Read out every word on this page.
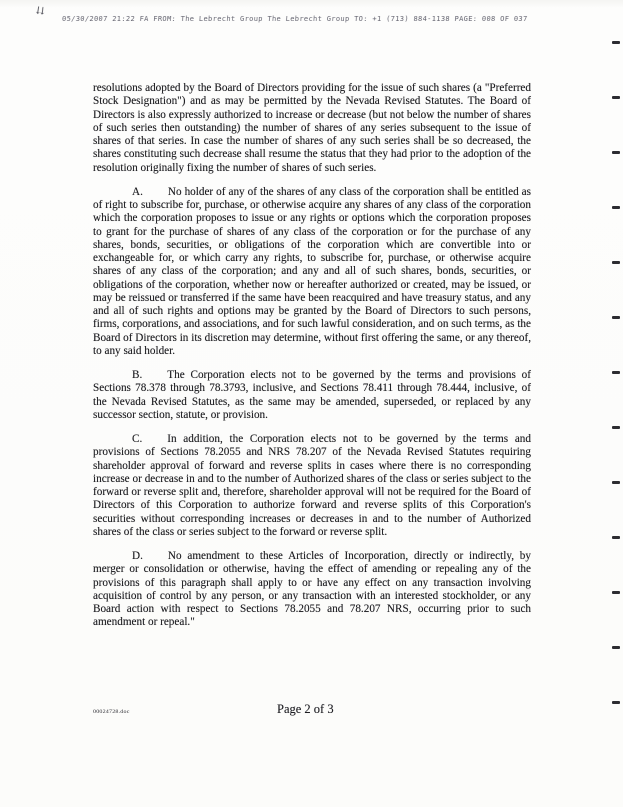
⇊
05/30/2007 21:22 FA FROM: The Lebrecht Group The Lebrecht Group TO: +1 (713) 884-1138 PAGE: 008 OF 037

resolutions adopted by the Board of Directors providing for the issue of such shares (a "Preferred Stock Designation") and as may be permitted by the Nevada Revised Statutes. The Board of Directors is also expressly authorized to increase or decrease (but not below the number of shares of such series then outstanding) the number of shares of any series subsequent to the issue of shares of that series. In case the number of shares of any such series shall be so decreased, the shares constituting such decrease shall resume the status that they had prior to the adoption of the resolution originally fixing the number of shares of such series.

A. No holder of any of the shares of any class of the corporation shall be entitled as of right to subscribe for, purchase, or otherwise acquire any shares of any class of the corporation which the corporation proposes to issue or any rights or options which the corporation proposes to grant for the purchase of shares of any class of the corporation or for the purchase of any shares, bonds, securities, or obligations of the corporation which are convertible into or exchangeable for, or which carry any rights, to subscribe for, purchase, or otherwise acquire shares of any class of the corporation; and any and all of such shares, bonds, securities, or obligations of the corporation, whether now or hereafter authorized or created, may be issued, or may be reissued or transferred if the same have been reacquired and have treasury status, and any and all of such rights and options may be granted by the Board of Directors to such persons, firms, corporations, and associations, and for such lawful consideration, and on such terms, as the Board of Directors in its discretion may determine, without first offering the same, or any thereof, to any said holder.

B. The Corporation elects not to be governed by the terms and provisions of Sections 78.378 through 78.3793, inclusive, and Sections 78.411 through 78.444, inclusive, of the Nevada Revised Statutes, as the same may be amended, superseded, or replaced by any successor section, statute, or provision.

C. In addition, the Corporation elects not to be governed by the terms and provisions of Sections 78.2055 and NRS 78.207 of the Nevada Revised Statutes requiring shareholder approval of forward and reverse splits in cases where there is no corresponding increase or decrease in and to the number of Authorized shares of the class or series subject to the forward or reverse split and, therefore, shareholder approval will not be required for the Board of Directors of this Corporation to authorize forward and reverse splits of this Corporation's securities without corresponding increases or decreases in and to the number of Authorized shares of the class or series subject to the forward or reverse split.

D. No amendment to these Articles of Incorporation, directly or indirectly, by merger or consolidation or otherwise, having the effect of amending or repealing any of the provisions of this paragraph shall apply to or have any effect on any transaction involving acquisition of control by any person, or any transaction with an interested stockholder, or any Board action with respect to Sections 78.2055 and 78.207 NRS, occurring prior to such amendment or repeal."

00024728.doc	Page 2 of 3
